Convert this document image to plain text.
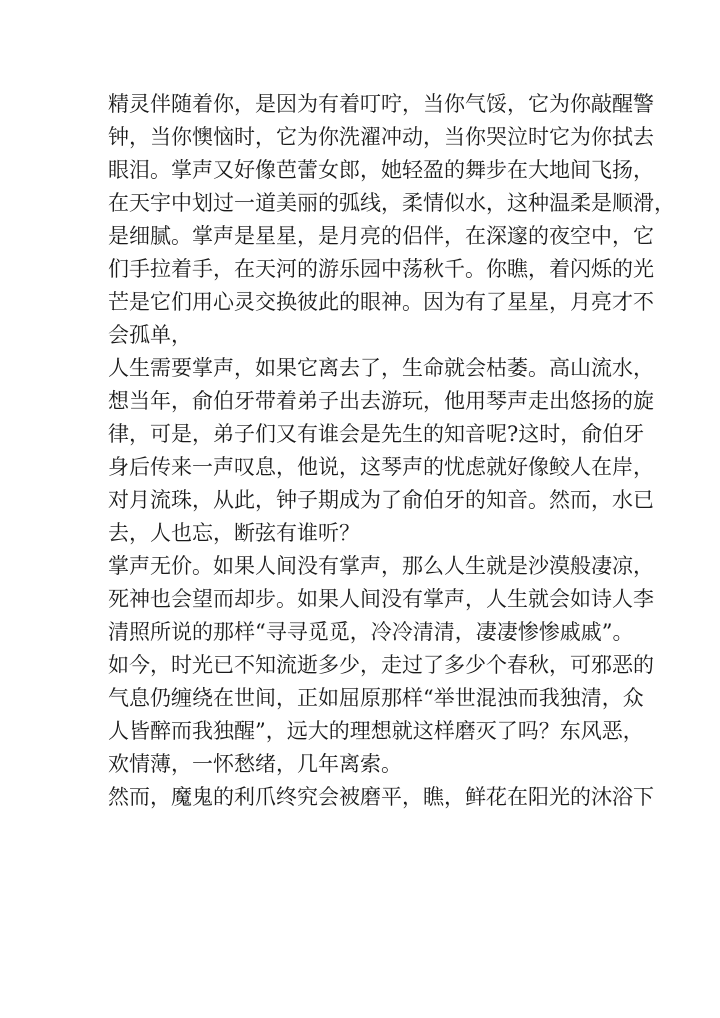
精灵伴随着你，是因为有着叮咛，当你气馁，它为你敲醒警
钟，当你懊恼时，它为你洗濯冲动，当你哭泣时它为你拭去
眼泪。掌声又好像芭蕾女郎，她轻盈的舞步在大地间飞扬，
在天宇中划过一道美丽的弧线，柔情似水，这种温柔是顺滑，
是细腻。掌声是星星，是月亮的侣伴，在深邃的夜空中，它
们手拉着手，在天河的游乐园中荡秋千。你瞧，着闪烁的光
芒是它们用心灵交换彼此的眼神。因为有了星星，月亮才不
会孤单，
人生需要掌声，如果它离去了，生命就会枯萎。高山流水，
想当年，俞伯牙带着弟子出去游玩，他用琴声走出悠扬的旋
律，可是，弟子们又有谁会是先生的知音呢?这时，俞伯牙
身后传来一声叹息，他说，这琴声的忧虑就好像鲛人在岸，
对月流珠，从此，钟子期成为了俞伯牙的知音。然而，水已
去，人也忘，断弦有谁听？
掌声无价。如果人间没有掌声，那么人生就是沙漠般凄凉，
死神也会望而却步。如果人间没有掌声，人生就会如诗人李
清照所说的那样“寻寻觅觅，冷冷清清，凄凄惨惨戚戚”。
如今，时光已不知流逝多少，走过了多少个春秋，可邪恶的
气息仍缠绕在世间，正如屈原那样“举世混浊而我独清，众
人皆醉而我独醒”，远大的理想就这样磨灭了吗？东风恶，
欢情薄，一怀愁绪，几年离索。
然而，魔鬼的利爪终究会被磨平，瞧，鲜花在阳光的沐浴下
